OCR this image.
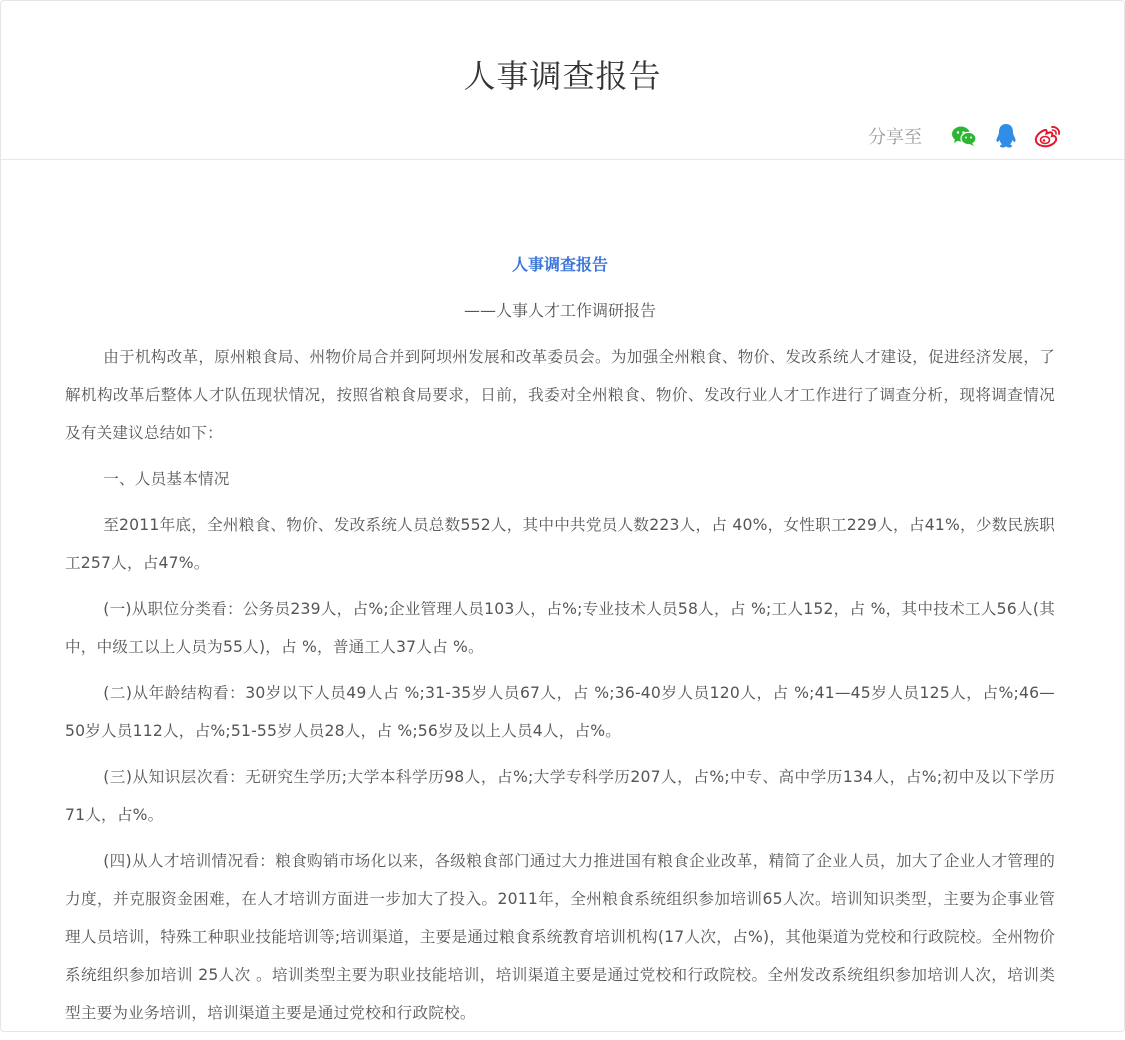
人事调查报告
分享至

人事调查报告

——人事人才工作调研报告

由于机构改革，原州粮食局、州物价局合并到阿坝州发展和改革委员会。为加强全州粮食、物价、发改系统人才建设，促进经济发展，了解机构改革后整体人才队伍现状情况，按照省粮食局要求，日前，我委对全州粮食、物价、发改行业人才工作进行了调查分析，现将调查情况及有关建议总结如下：

一、人员基本情况

至2011年底，全州粮食、物价、发改系统人员总数552人，其中中共党员人数223人，占 40%，女性职工229人，占41%，少数民族职工257人，占47%。

(一)从职位分类看：公务员239人，占%;企业管理人员103人，占%;专业技术人员58人，占 %;工人152，占 %，其中技术工人56人(其中，中级工以上人员为55人)，占 %，普通工人37人占 %。

(二)从年龄结构看：30岁以下人员49人占 %;31-35岁人员67人，占 %;36-40岁人员120人，占 %;41—45岁人员125人，占%;46—50岁人员112人，占%;51-55岁人员28人，占 %;56岁及以上人员4人，占%。

(三)从知识层次看：无研究生学历;大学本科学历98人，占%;大学专科学历207人，占%;中专、高中学历134人，占%;初中及以下学历71人，占%。

(四)从人才培训情况看：粮食购销市场化以来，各级粮食部门通过大力推进国有粮食企业改革，精简了企业人员，加大了企业人才管理的力度，并克服资金困难，在人才培训方面进一步加大了投入。2011年，全州粮食系统组织参加培训65人次。培训知识类型，主要为企事业管理人员培训，特殊工种职业技能培训等;培训渠道，主要是通过粮食系统教育培训机构(17人次，占%)，其他渠道为党校和行政院校。全州物价系统组织参加培训 25人次 。培训类型主要为职业技能培训，培训渠道主要是通过党校和行政院校。全州发改系统组织参加培训人次，培训类型主要为业务培训，培训渠道主要是通过党校和行政院校。
